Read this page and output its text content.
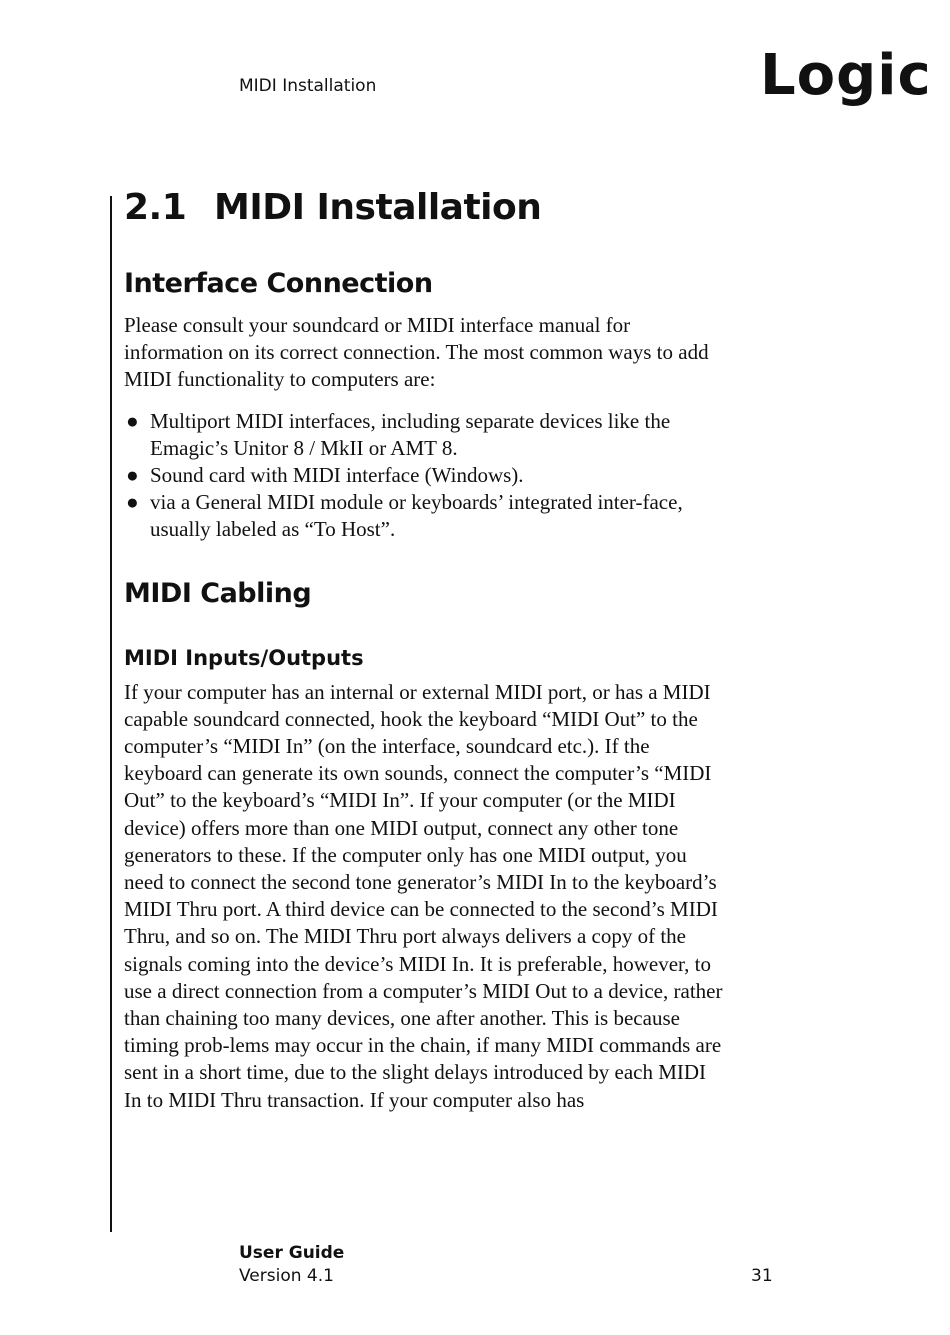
MIDI Installation	Logic
2.1 MIDI Installation
Interface Connection

Please consult your soundcard or MIDI interface manual for information on its correct connection. The most common ways to add MIDI functionality to computers are:

● Multiport MIDI interfaces, including separate devices like the Emagic’s Unitor 8 / MkII or AMT 8.
● Sound card with MIDI interface (Windows).
● via a General MIDI module or keyboards’ integrated inter-face, usually labeled as “To Host”.
MIDI Cabling
MIDI Inputs/Outputs

If your computer has an internal or external MIDI port, or has a MIDI capable soundcard connected, hook the keyboard “MIDI Out” to the computer’s “MIDI In” (on the interface, soundcard etc.). If the keyboard can generate its own sounds, connect the computer’s “MIDI Out” to the keyboard’s “MIDI In”. If your computer (or the MIDI device) offers more than one MIDI output, connect any other tone generators to these. If the computer only has one MIDI output, you need to connect the second tone generator’s MIDI In to the keyboard’s MIDI Thru port. A third device can be connected to the second’s MIDI Thru, and so on. The MIDI Thru port always delivers a copy of the signals coming into the device’s MIDI In. It is preferable, however, to use a direct connection from a computer’s MIDI Out to a device, rather than chaining too many devices, one after another. This is because timing prob-lems may occur in the chain, if many MIDI commands are sent in a short time, due to the slight delays introduced by each MIDI In to MIDI Thru transaction. If your computer also has

User Guide
Version 4.1	31
